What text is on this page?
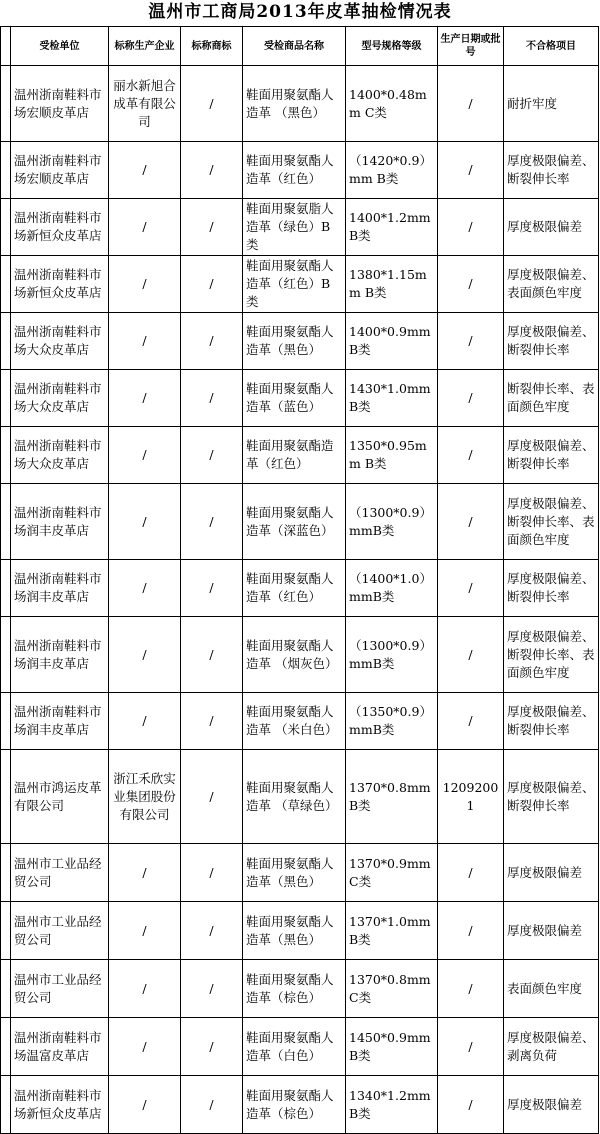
温州市工商局2013年皮革抽检情况表
	受检单位	标称生产企业	标称商标	受检商品名称	型号规格等级	生产日期或批号	不合格项目
	温州浙南鞋料市场宏顺皮革店	丽水新旭合成革有限公司	/	鞋面用聚氨酯人造革 （黑色）	1400*0.48mm C类	/	耐折牢度
	温州浙南鞋料市场宏顺皮革店	/	/	鞋面用聚氨酯人造革（红色）	（1420*0.9）mm B类	/	厚度极限偏差、断裂伸长率
	温州浙南鞋料市场新恒众皮革店	/	/	鞋面用聚氨脂人造革（绿色）B类	1400*1.2mm B类	/	厚度极限偏差
	温州浙南鞋料市场新恒众皮革店	/	/	鞋面用聚氨酯人造革（红色）B类	1380*1.15mm B类	/	厚度极限偏差、表面颜色牢度
	温州浙南鞋料市场大众皮革店	/	/	鞋面用聚氨酯人造革（黑色）	1400*0.9mm B类	/	厚度极限偏差、断裂伸长率
	温州浙南鞋料市场大众皮革店	/	/	鞋面用聚氨酯人造革（蓝色）	1430*1.0mm B类	/	断裂伸长率、表面颜色牢度
	温州浙南鞋料市场大众皮革店	/	/	鞋面用聚氨酯造革（红色）	1350*0.95mm B类	/	厚度极限偏差、断裂伸长率
	温州浙南鞋料市场润丰皮革店	/	/	鞋面用聚氨酯人造革（深蓝色）	（1300*0.9）mmB类	/	厚度极限偏差、断裂伸长率、表面颜色牢度
	温州浙南鞋料市场润丰皮革店	/	/	鞋面用聚氨酯人造革（红色）	（1400*1.0）mmB类	/	厚度极限偏差、断裂伸长率
	温州浙南鞋料市场润丰皮革店	/	/	鞋面用聚氨酯人造革 （烟灰色）	（1300*0.9）mmB类	/	厚度极限偏差、断裂伸长率、表面颜色牢度
	温州浙南鞋料市场润丰皮革店	/	/	鞋面用聚氨酯人造革 （米白色）	（1350*0.9）mmB类	/	厚度极限偏差、断裂伸长率
	温州市鸿运皮革有限公司	浙江禾欣实业集团股份有限公司	/	鞋面用聚氨酯人造革 （草绿色）	1370*0.8mm B类	12092001	厚度极限偏差、断裂伸长率
	温州市工业品经贸公司	/	/	鞋面用聚氨酯人造革（黑色）	1370*0.9mm C类	/	厚度极限偏差
	温州市工业品经贸公司	/	/	鞋面用聚氨酯人造革（黑色）	1370*1.0mm B类	/	厚度极限偏差
	温州市工业品经贸公司	/	/	鞋面用聚氨酯人造革（棕色）	1370*0.8mm C类	/	表面颜色牢度
	温州浙南鞋料市场温富皮革店	/	/	鞋面用聚氨酯人造革（白色）	1450*0.9mm B类	/	厚度极限偏差、剥离负荷
	温州浙南鞋料市场新恒众皮革店	/	/	鞋面用聚氨酯人造革（棕色）	1340*1.2mm B类	/	厚度极限偏差
